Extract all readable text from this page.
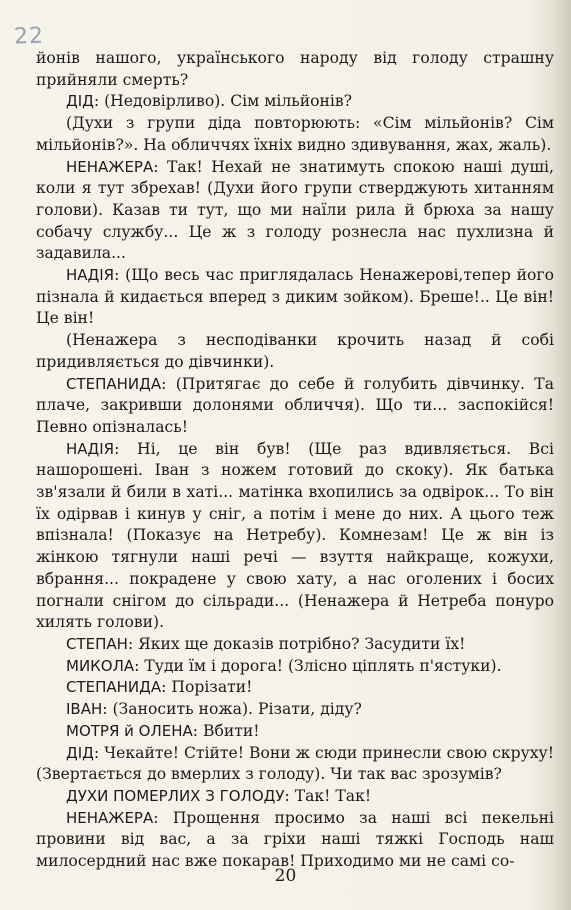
22

йонів нашого, українського народу від голоду страшну прийняли смерть?

ДІД: (Недовірливо). Сім мільйонів?

(Духи з групи діда повторюють: «Сім мільйонів? Сім мільйонів?». На обличчях їхніх видно здивування, жах, жаль).

НЕНАЖЕРА: Так! Нехай не знатимуть спокою наші душі, коли я тут збрехав! (Духи його групи стверджують хитанням голови). Казав ти тут, що ми наїли рила й брюха за нашу собачу службу... Це ж з голоду рознесла нас пухлизна й задавила...

НАДІЯ: (Що весь час приглядалась Ненажерові,тепер його пізнала й кидається вперед з диким зойком). Бреше!.. Це він! Це він!

(Ненажера з несподіванки крочить назад й собі придивляється до дівчинки).

СТЕПАНИДА: (Притягає до себе й голубить дівчинку. Та плаче, закривши долонями обличчя). Що ти... заспокійся! Певно опізналась!

НАДІЯ: Ні, це він був! (Ще раз вдивляється. Всі нашорошені. Іван з ножем готовий до скоку). Як батька зв'язали й били в хаті... матінка вхопились за одвірок... То він їх одірвав і кинув у сніг, а потім і мене до них. А цього теж впізнала! (Показує на Нетребу). Комнезам! Це ж він із жінкою тягнули наші речі — взуття найкраще, кожухи, вбрання... покрадене у свою хату, а нас оголених і босих погнали снігом до сільради... (Ненажера й Нетреба понуро хилять голови).

СТЕПАН: Яких ще доказів потрібно? Засудити їх!

МИКОЛА: Туди їм і дорога! (Злісно ціплять п'ястуки).

СТЕПАНИДА: Порізати!

ІВАН: (Заносить ножа). Різати, діду?

МОТРЯ й ОЛЕНА: Вбити!

ДІД: Чекайте! Стійте! Вони ж сюди принесли свою скруху! (Звертається до вмерлих з голоду). Чи так вас зрозумів?

ДУХИ ПОМЕРЛИХ З ГОЛОДУ: Так! Так!

НЕНАЖЕРА: Прощення просимо за наші всі пекельні провини від вас, а за гріхи наші тяжкі Господь наш милосердний нас вже покарав! Приходимо ми не самі со-

20
